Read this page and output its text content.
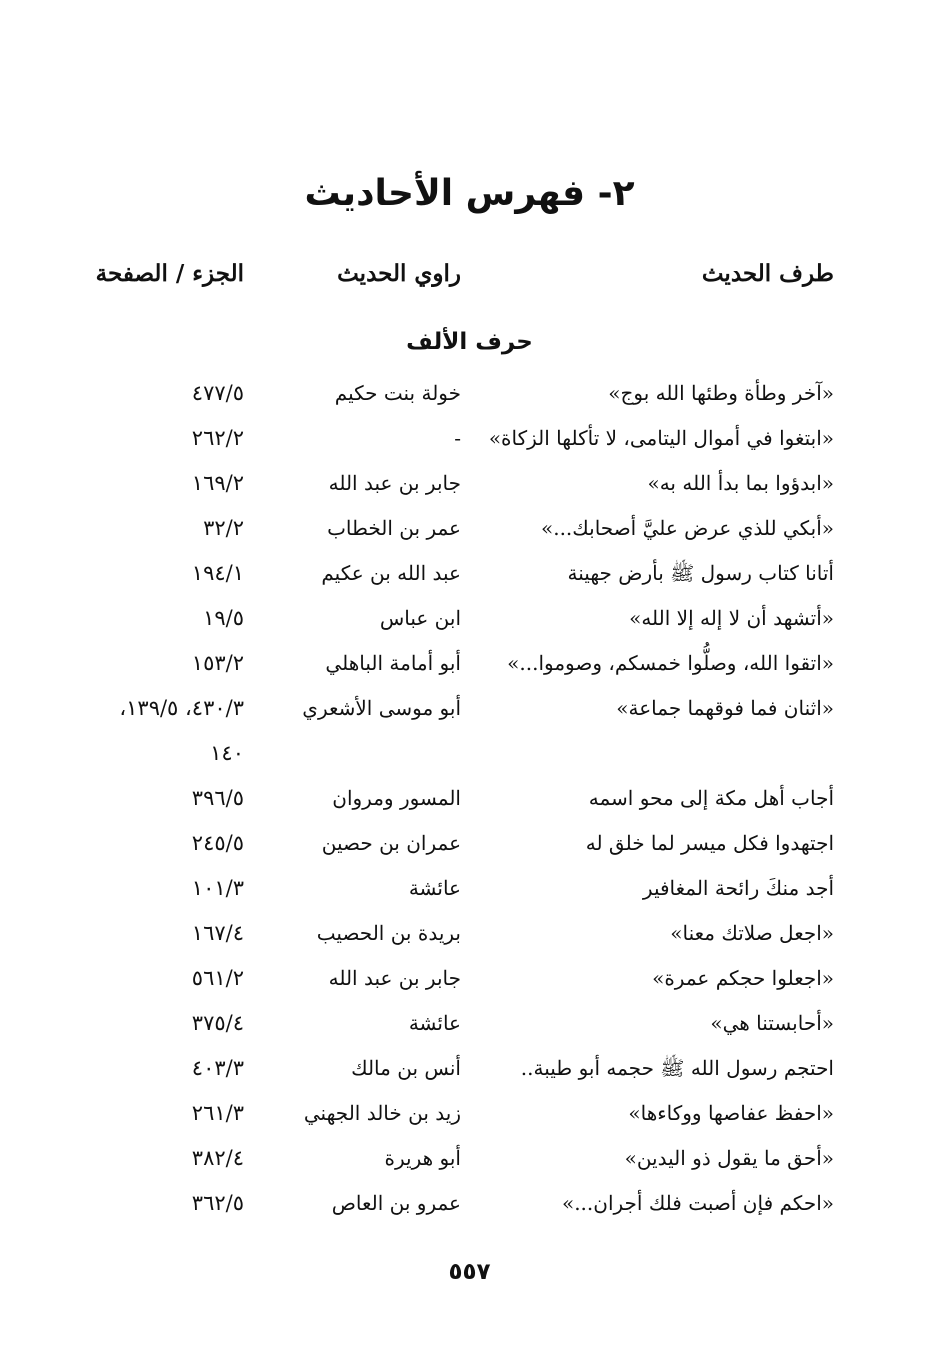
٢- فهرس الأحاديث
طرف الحديث
راوي الحديث
الجزء / الصفحة
حرف الألف
«آخر وطأة وطئها الله بوج»
خولة بنت حكيم
٤٧٧/٥
«ابتغوا في أموال اليتامى، لا تأكلها الزكاة»
-
٢٦٢/٢
«ابدؤوا بما بدأ الله به»
جابر بن عبد الله
١٦٩/٢
«أبكي للذي عرض عليَّ أصحابك...»
عمر بن الخطاب
٣٢/٢
أتانا كتاب رسول ﷺ بأرض جهينة
عبد الله بن عكيم
١٩٤/١
«أتشهد أن لا إله إلا الله»
ابن عباس
١٩/٥
«اتقوا الله، وصلُّوا خمسكم، وصوموا...»
أبو أمامة الباهلي
١٥٣/٢
«اثنان فما فوقهما جماعة»
أبو موسى الأشعري
٤٣٠/٣، ١٣٩/٥،
١٤٠
أجاب أهل مكة إلى محو اسمه
المسور ومروان
٣٩٦/٥
اجتهدوا فكل ميسر لما خلق له
عمران بن حصين
٢٤٥/٥
أجد منكَ رائحة المغافير
عائشة
١٠١/٣
«اجعل صلاتك معنا»
بريدة بن الحصيب
١٦٧/٤
«اجعلوا حجكم عمرة»
جابر بن عبد الله
٥٦١/٢
«أحابستنا هي»
عائشة
٣٧٥/٤
احتجم رسول الله ﷺ حجمه أبو طيبة..
أنس بن مالك
٤٠٣/٣
«احفظ عفاصها ووكاءها»
زيد بن خالد الجهني
٢٦١/٣
«أحق ما يقول ذو اليدين»
أبو هريرة
٣٨٢/٤
«احكم فإن أصبت فلك أجران...»
عمرو بن العاص
٣٦٢/٥
٥٥٧
